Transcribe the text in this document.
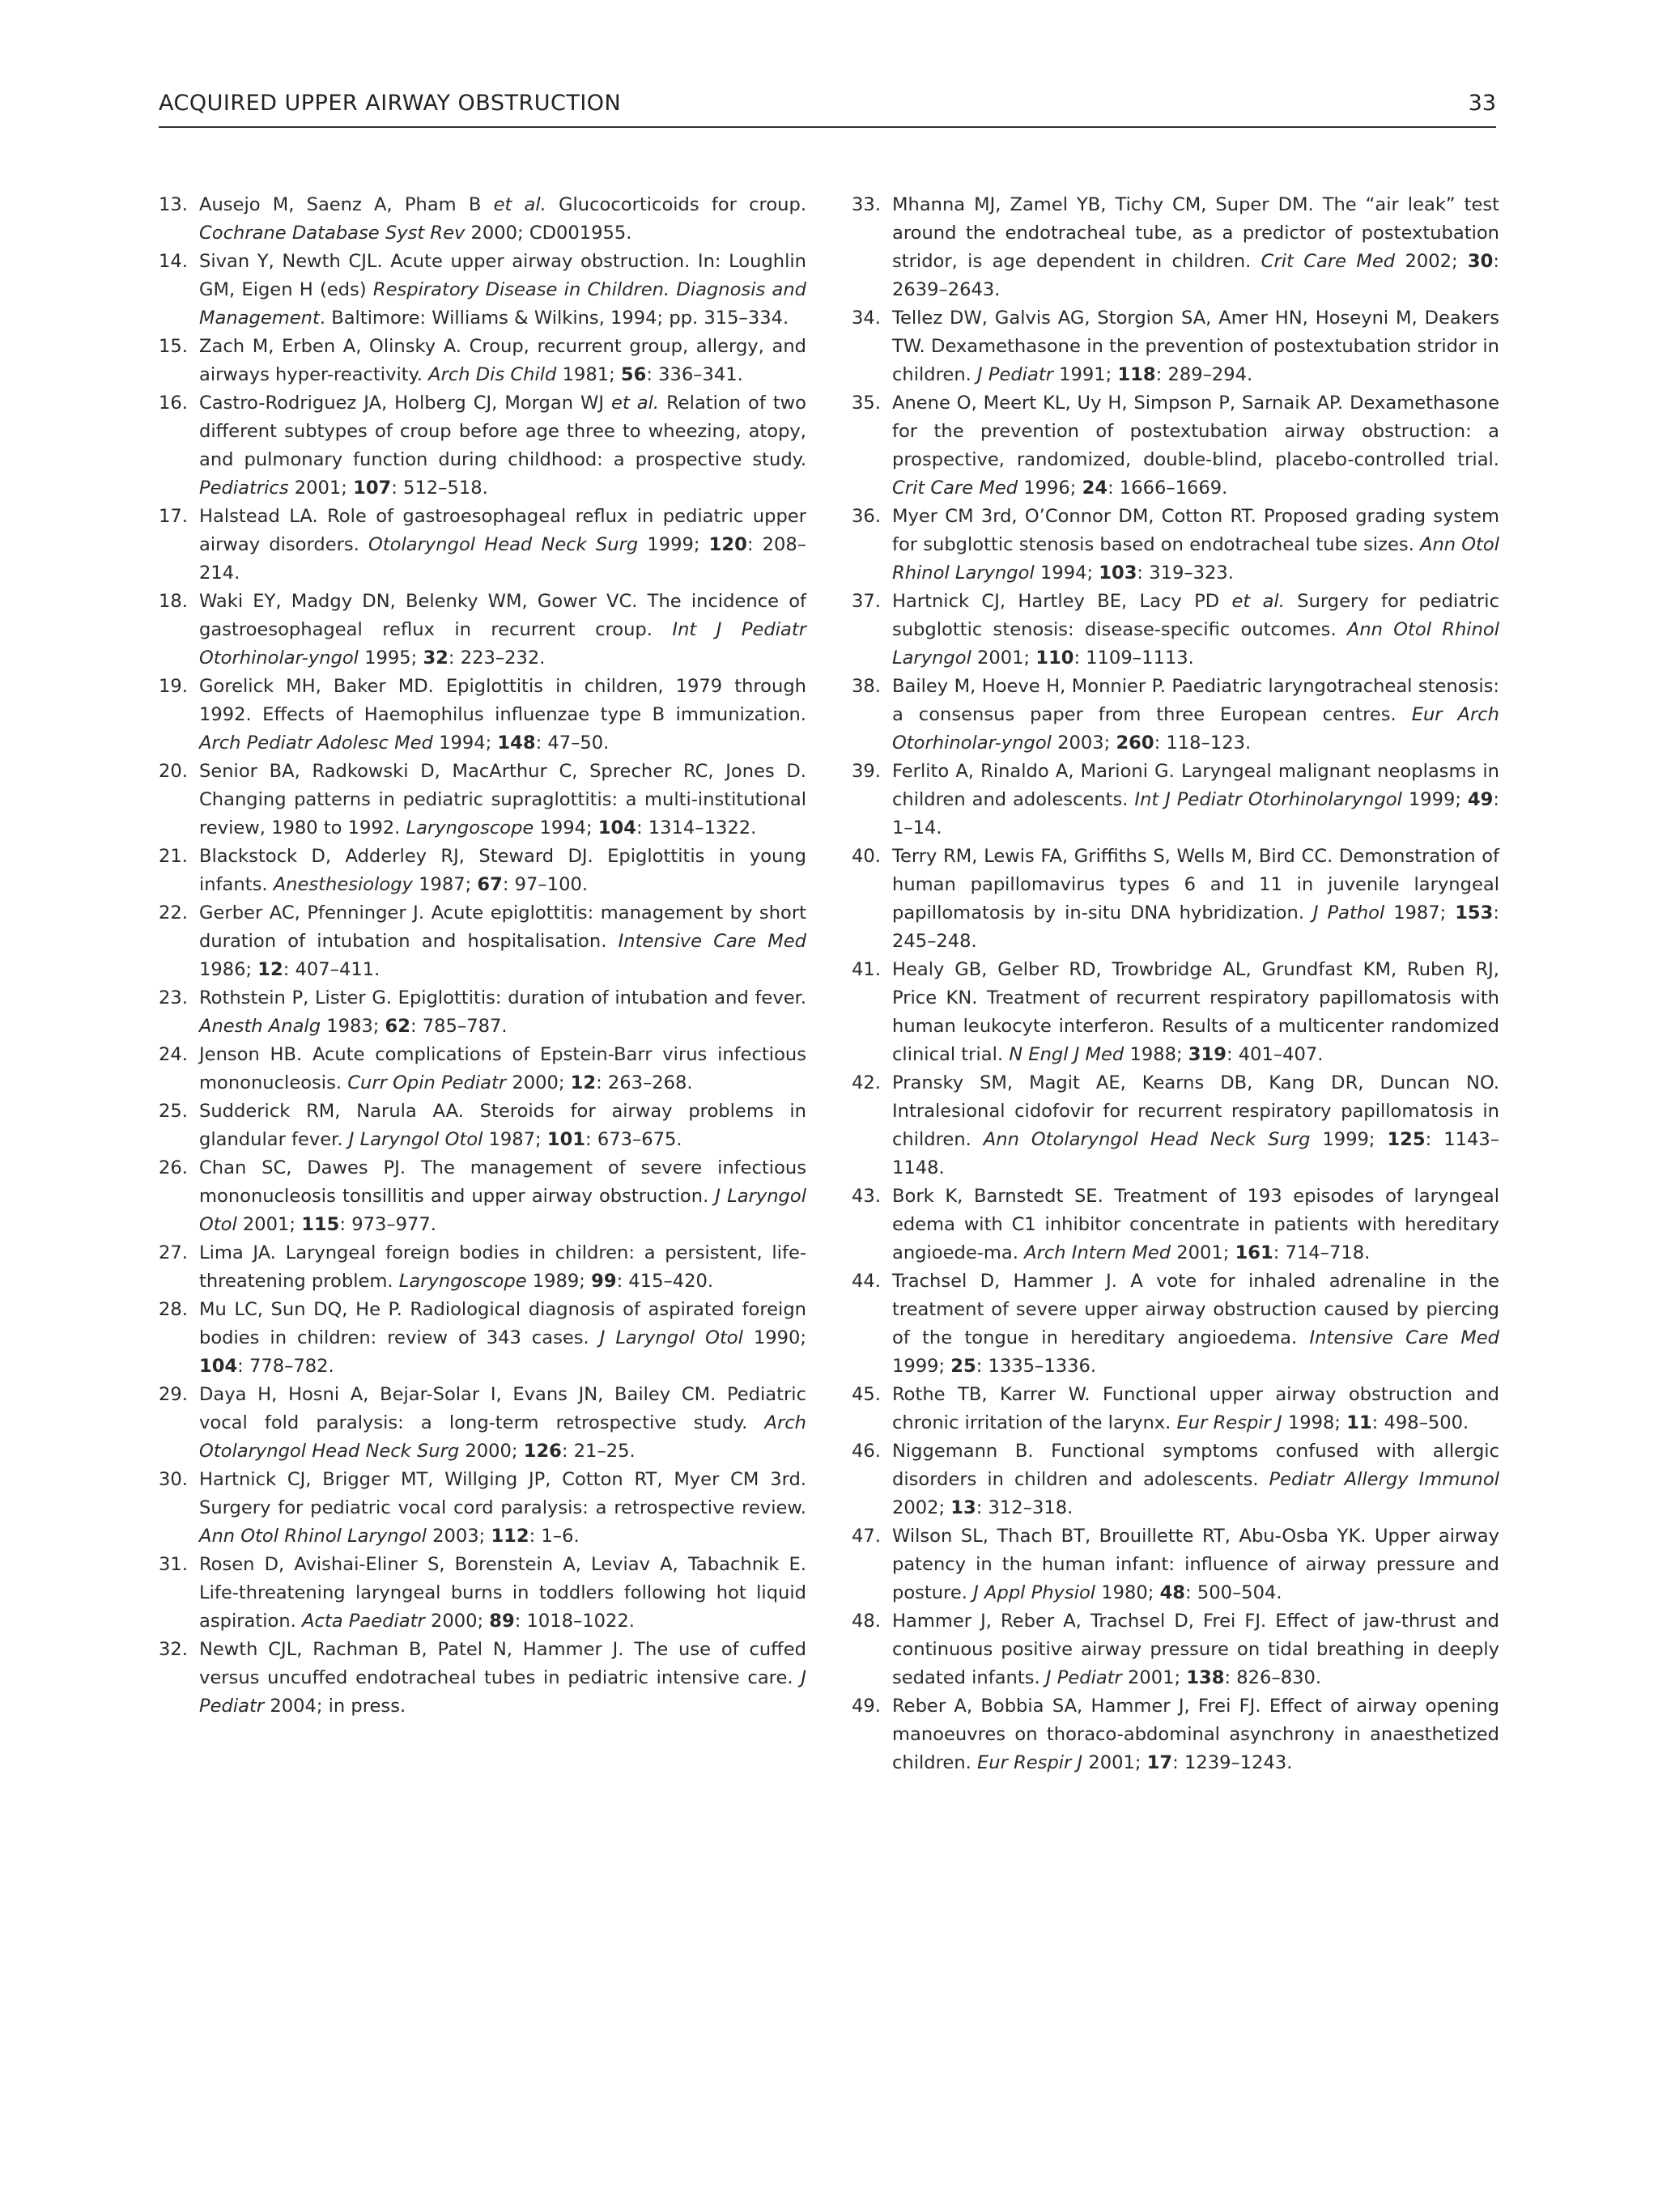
ACQUIRED UPPER AIRWAY OBSTRUCTION	33

13. Ausejo M, Saenz A, Pham B et al. Glucocorticoids for croup. Cochrane Database Syst Rev 2000; CD001955.

14. Sivan Y, Newth CJL. Acute upper airway obstruction. In: Loughlin GM, Eigen H (eds) Respiratory Disease in Children. Diagnosis and Management. Baltimore: Williams & Wilkins, 1994; pp. 315–334.

15. Zach M, Erben A, Olinsky A. Croup, recurrent group, allergy, and airways hyper-reactivity. Arch Dis Child 1981; 56: 336–341.

16. Castro-Rodriguez JA, Holberg CJ, Morgan WJ et al. Relation of two different subtypes of croup before age three to wheezing, atopy, and pulmonary function during childhood: a prospective study. Pediatrics 2001; 107: 512–518.

17. Halstead LA. Role of gastroesophageal reflux in pediatric upper airway disorders. Otolaryngol Head Neck Surg 1999; 120: 208–214.

18. Waki EY, Madgy DN, Belenky WM, Gower VC. The incidence of gastroesophageal reflux in recurrent croup. Int J Pediatr Otorhinolar-yngol 1995; 32: 223–232.

19. Gorelick MH, Baker MD. Epiglottitis in children, 1979 through 1992. Effects of Haemophilus influenzae type B immunization. Arch Pediatr Adolesc Med 1994; 148: 47–50.

20. Senior BA, Radkowski D, MacArthur C, Sprecher RC, Jones D. Changing patterns in pediatric supraglottitis: a multi-institutional review, 1980 to 1992. Laryngoscope 1994; 104: 1314–1322.

21. Blackstock D, Adderley RJ, Steward DJ. Epiglottitis in young infants. Anesthesiology 1987; 67: 97–100.

22. Gerber AC, Pfenninger J. Acute epiglottitis: management by short duration of intubation and hospitalisation. Intensive Care Med 1986; 12: 407–411.

23. Rothstein P, Lister G. Epiglottitis: duration of intubation and fever. Anesth Analg 1983; 62: 785–787.

24. Jenson HB. Acute complications of Epstein-Barr virus infectious mononucleosis. Curr Opin Pediatr 2000; 12: 263–268.

25. Sudderick RM, Narula AA. Steroids for airway problems in glandular fever. J Laryngol Otol 1987; 101: 673–675.

26. Chan SC, Dawes PJ. The management of severe infectious mononucleosis tonsillitis and upper airway obstruction. J Laryngol Otol 2001; 115: 973–977.

27. Lima JA. Laryngeal foreign bodies in children: a persistent, life-threatening problem. Laryngoscope 1989; 99: 415–420.

28. Mu LC, Sun DQ, He P. Radiological diagnosis of aspirated foreign bodies in children: review of 343 cases. J Laryngol Otol 1990; 104: 778–782.

29. Daya H, Hosni A, Bejar-Solar I, Evans JN, Bailey CM. Pediatric vocal fold paralysis: a long-term retrospective study. Arch Otolaryngol Head Neck Surg 2000; 126: 21–25.

30. Hartnick CJ, Brigger MT, Willging JP, Cotton RT, Myer CM 3rd. Surgery for pediatric vocal cord paralysis: a retrospective review. Ann Otol Rhinol Laryngol 2003; 112: 1–6.

31. Rosen D, Avishai-Eliner S, Borenstein A, Leviav A, Tabachnik E. Life-threatening laryngeal burns in toddlers following hot liquid aspiration. Acta Paediatr 2000; 89: 1018–1022.

32. Newth CJL, Rachman B, Patel N, Hammer J. The use of cuffed versus uncuffed endotracheal tubes in pediatric intensive care. J Pediatr 2004; in press.

33. Mhanna MJ, Zamel YB, Tichy CM, Super DM. The “air leak” test around the endotracheal tube, as a predictor of postextubation stridor, is age dependent in children. Crit Care Med 2002; 30: 2639–2643.

34. Tellez DW, Galvis AG, Storgion SA, Amer HN, Hoseyni M, Deakers TW. Dexamethasone in the prevention of postextubation stridor in children. J Pediatr 1991; 118: 289–294.

35. Anene O, Meert KL, Uy H, Simpson P, Sarnaik AP. Dexamethasone for the prevention of postextubation airway obstruction: a prospective, randomized, double-blind, placebo-controlled trial. Crit Care Med 1996; 24: 1666–1669.

36. Myer CM 3rd, O’Connor DM, Cotton RT. Proposed grading system for subglottic stenosis based on endotracheal tube sizes. Ann Otol Rhinol Laryngol 1994; 103: 319–323.

37. Hartnick CJ, Hartley BE, Lacy PD et al. Surgery for pediatric subglottic stenosis: disease-specific outcomes. Ann Otol Rhinol Laryngol 2001; 110: 1109–1113.

38. Bailey M, Hoeve H, Monnier P. Paediatric laryngotracheal stenosis: a consensus paper from three European centres. Eur Arch Otorhinolar-yngol 2003; 260: 118–123.

39. Ferlito A, Rinaldo A, Marioni G. Laryngeal malignant neoplasms in children and adolescents. Int J Pediatr Otorhinolaryngol 1999; 49: 1–14.

40. Terry RM, Lewis FA, Griffiths S, Wells M, Bird CC. Demonstration of human papillomavirus types 6 and 11 in juvenile laryngeal papillomatosis by in-situ DNA hybridization. J Pathol 1987; 153: 245–248.

41. Healy GB, Gelber RD, Trowbridge AL, Grundfast KM, Ruben RJ, Price KN. Treatment of recurrent respiratory papillomatosis with human leukocyte interferon. Results of a multicenter randomized clinical trial. N Engl J Med 1988; 319: 401–407.

42. Pransky SM, Magit AE, Kearns DB, Kang DR, Duncan NO. Intralesional cidofovir for recurrent respiratory papillomatosis in children. Ann Otolaryngol Head Neck Surg 1999; 125: 1143–1148.

43. Bork K, Barnstedt SE. Treatment of 193 episodes of laryngeal edema with C1 inhibitor concentrate in patients with hereditary angioede-ma. Arch Intern Med 2001; 161: 714–718.

44. Trachsel D, Hammer J. A vote for inhaled adrenaline in the treatment of severe upper airway obstruction caused by piercing of the tongue in hereditary angioedema. Intensive Care Med 1999; 25: 1335–1336.

45. Rothe TB, Karrer W. Functional upper airway obstruction and chronic irritation of the larynx. Eur Respir J 1998; 11: 498–500.

46. Niggemann B. Functional symptoms confused with allergic disorders in children and adolescents. Pediatr Allergy Immunol 2002; 13: 312–318.

47. Wilson SL, Thach BT, Brouillette RT, Abu-Osba YK. Upper airway patency in the human infant: influence of airway pressure and posture. J Appl Physiol 1980; 48: 500–504.

48. Hammer J, Reber A, Trachsel D, Frei FJ. Effect of jaw-thrust and continuous positive airway pressure on tidal breathing in deeply sedated infants. J Pediatr 2001; 138: 826–830.

49. Reber A, Bobbia SA, Hammer J, Frei FJ. Effect of airway opening manoeuvres on thoraco-abdominal asynchrony in anaesthetized children. Eur Respir J 2001; 17: 1239–1243.
